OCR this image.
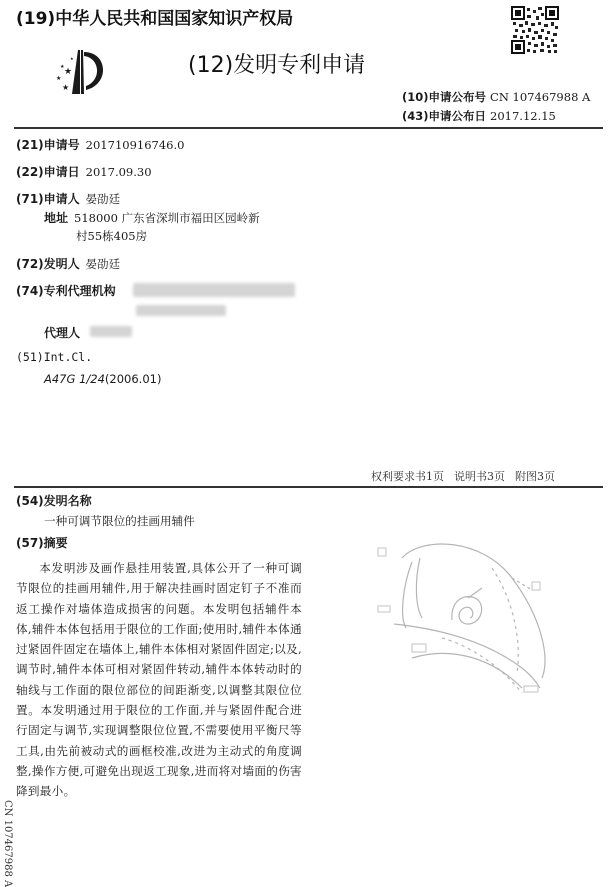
(19)中华人民共和国国家知识产权局
★
★
★
★
★	(12)发明专利申请
(10)申请公布号 CN 107467988 A
(43)申请公布日 2017.12.15
(21)申请号 201710916746.0
(22)申请日 2017.09.30
(71)申请人 晏劭廷
地址 518000 广东省深圳市福田区园岭新
村55栋405房
(72)发明人 晏劭廷
(74)专利代理机构
代理人
(51)Int.Cl.
A47G 1/24(2006.01)
权利要求书1页 说明书3页 附图3页
(54)发明名称
一种可调节限位的挂画用辅件
(57)摘要
本发明涉及画作悬挂用装置,具体公开了一种可调节限位的挂画用辅件,用于解决挂画时固定钉子不准而返工操作对墙体造成损害的问题。本发明包括辅件本体,辅件本体包括用于限位的工作面;使用时,辅件本体通过紧固件固定在墙体上,辅件本体相对紧固件固定;以及,调节时,辅件本体可相对紧固件转动,辅件本体转动时的轴线与工作面的限位部位的间距渐变,以调整其限位位置。本发明通过用于限位的工作面,并与紧固件配合进行固定与调节,实现调整限位位置,不需要使用平衡尺等工具,由先前被动式的画框校准,改进为主动式的角度调整,操作方便,可避免出现返工现象,进而将对墙面的伤害降到最小。
CN 107467988 A
